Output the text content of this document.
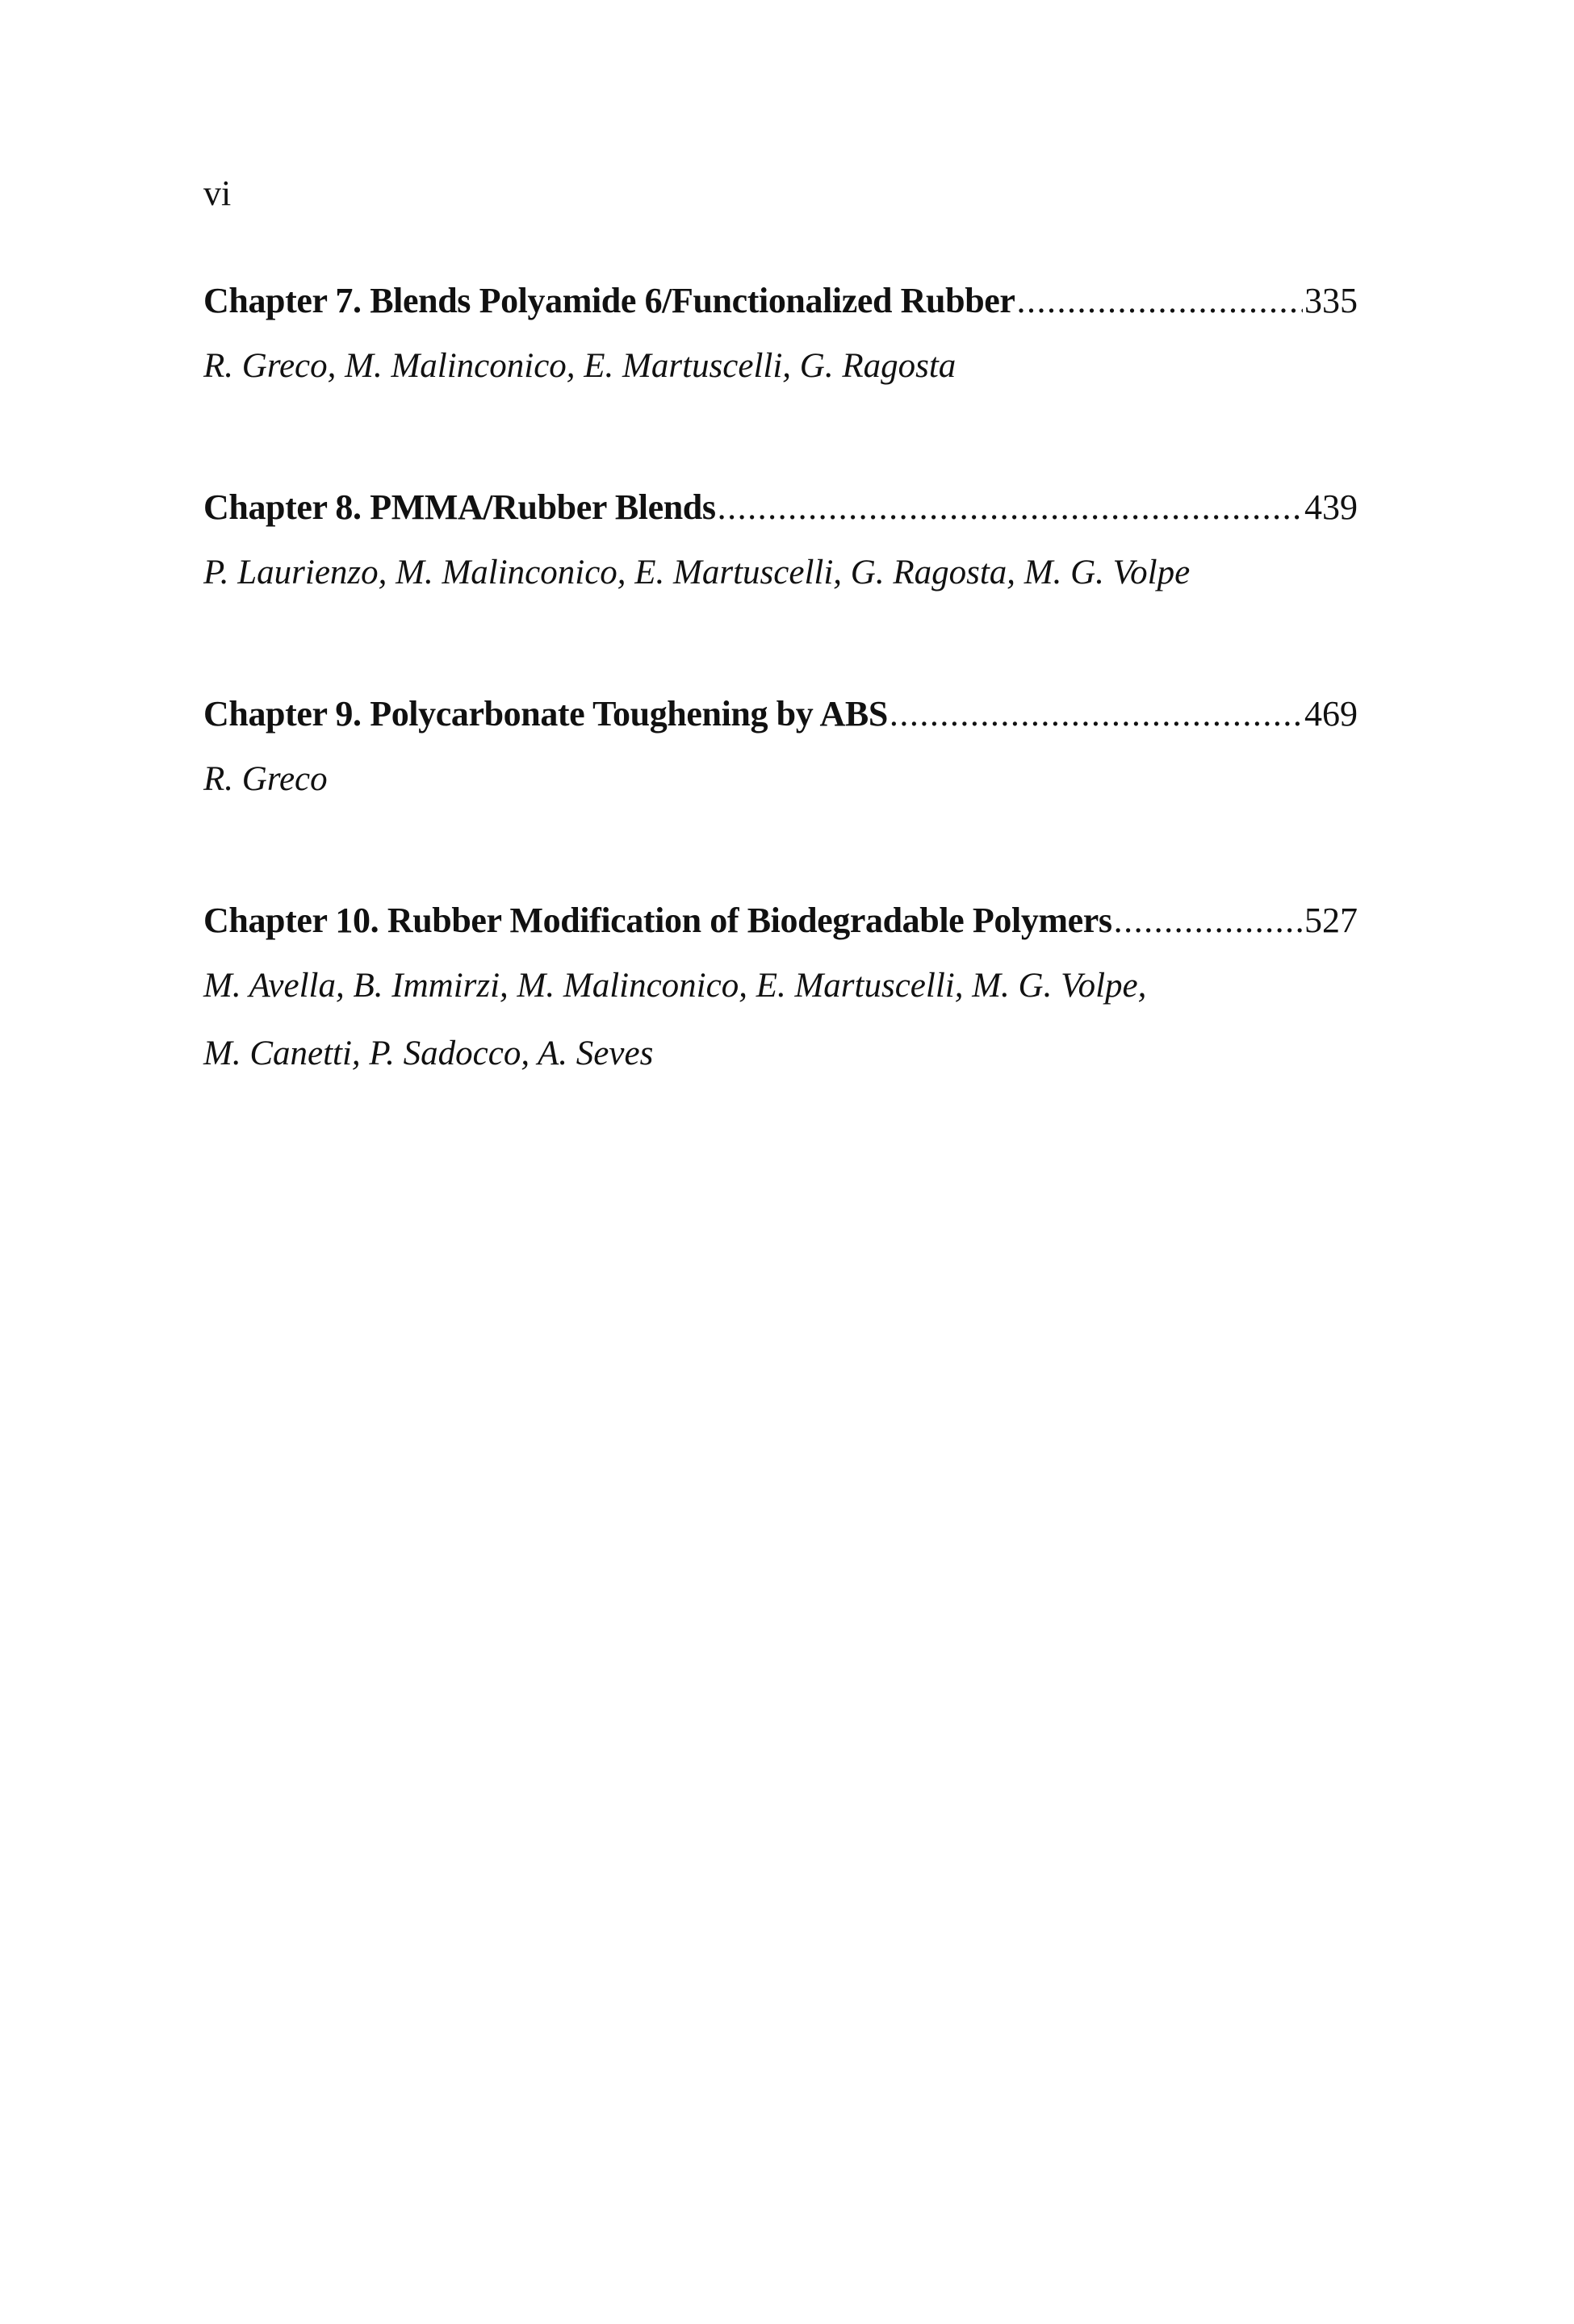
vi
Chapter 7. Blends Polyamide 6/Functionalized Rubber .....	335
R. Greco, M. Malinconico, E. Martuscelli, G. Ragosta
Chapter 8. PMMA/Rubber Blends .....	439
P. Laurienzo, M. Malinconico, E. Martuscelli, G. Ragosta, M. G. Volpe
Chapter 9. Polycarbonate Toughening by ABS .....	469
R. Greco
Chapter 10. Rubber Modification of Biodegradable Polymers .....	527
M. Avella, B. Immirzi, M. Malinconico, E. Martuscelli, M. G. Volpe,
M. Canetti, P. Sadocco, A. Seves
